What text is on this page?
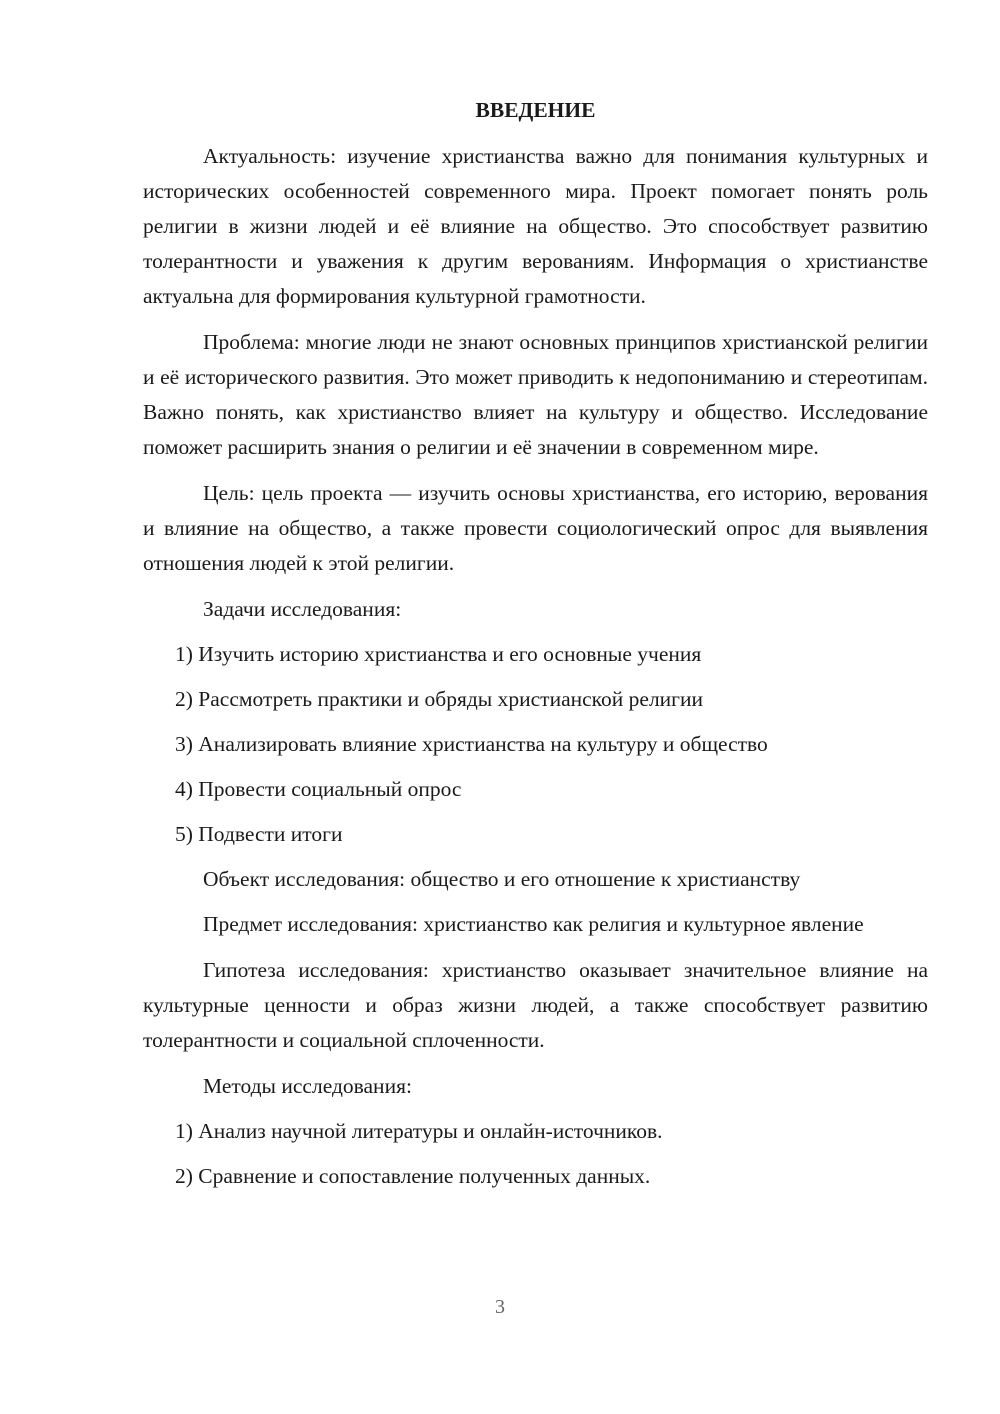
ВВЕДЕНИЕ

Актуальность: изучение христианства важно для понимания культурных и исторических особенностей современного мира. Проект помогает понять роль религии в жизни людей и её влияние на общество. Это способствует развитию толерантности и уважения к другим верованиям. Информация о христианстве актуальна для формирования культурной грамотности.

Проблема: многие люди не знают основных принципов христианской религии и её исторического развития. Это может приводить к недопониманию и стереотипам. Важно понять, как христианство влияет на культуру и общество. Исследование поможет расширить знания о религии и её значении в современном мире.

Цель: цель проекта — изучить основы христианства, его историю, верования и влияние на общество, а также провести социологический опрос для выявления отношения людей к этой религии.

Задачи исследования:

1) Изучить историю христианства и его основные учения

2) Рассмотреть практики и обряды христианской религии

3) Анализировать влияние христианства на культуру и общество

4) Провести социальный опрос

5) Подвести итоги

Объект исследования: общество и его отношение к христианству

Предмет исследования: христианство как религия и культурное явление

Гипотеза исследования: христианство оказывает значительное влияние на культурные ценности и образ жизни людей, а также способствует развитию толерантности и социальной сплоченности.

Методы исследования:

1) Анализ научной литературы и онлайн-источников.

2) Сравнение и сопоставление полученных данных.

3
